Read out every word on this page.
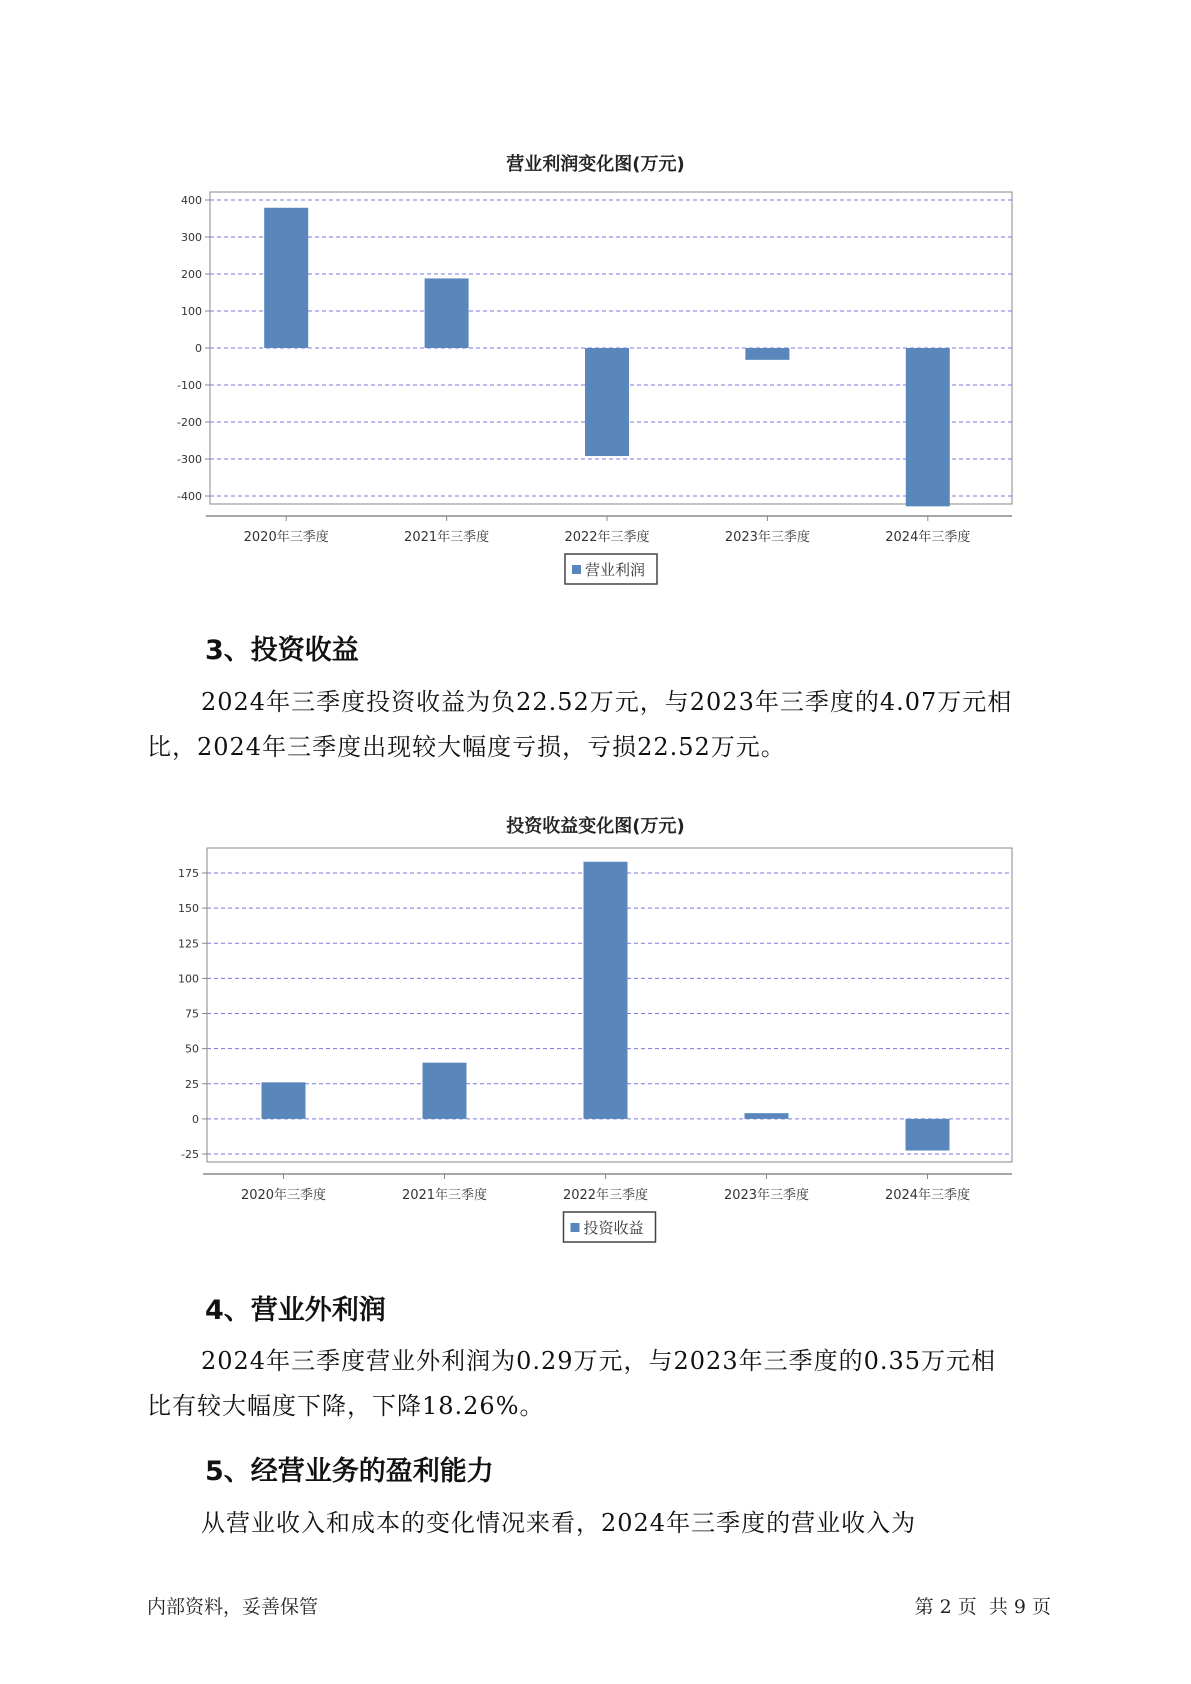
营业利润变化图(万元)
400
300
200
100
0
-100
-200
-300
-400
2020年三季度	2021年三季度	2022年三季度	2023年三季度	2024年三季度
营业利润
3、投资收益
2024年三季度投资收益为负22.52万元，与2023年三季度的4.07万元相
比，2024年三季度出现较大幅度亏损，亏损22.52万元。
投资收益变化图(万元)
175
150
125
100
75
50
25
0
-25
2020年三季度	2021年三季度	2022年三季度	2023年三季度	2024年三季度
投资收益
4、营业外利润
2024年三季度营业外利润为0.29万元，与2023年三季度的0.35万元相
比有较大幅度下降，下降18.26%。
5、经营业务的盈利能力
从营业收入和成本的变化情况来看，2024年三季度的营业收入为
内部资料，妥善保管	第 2 页  共 9 页
